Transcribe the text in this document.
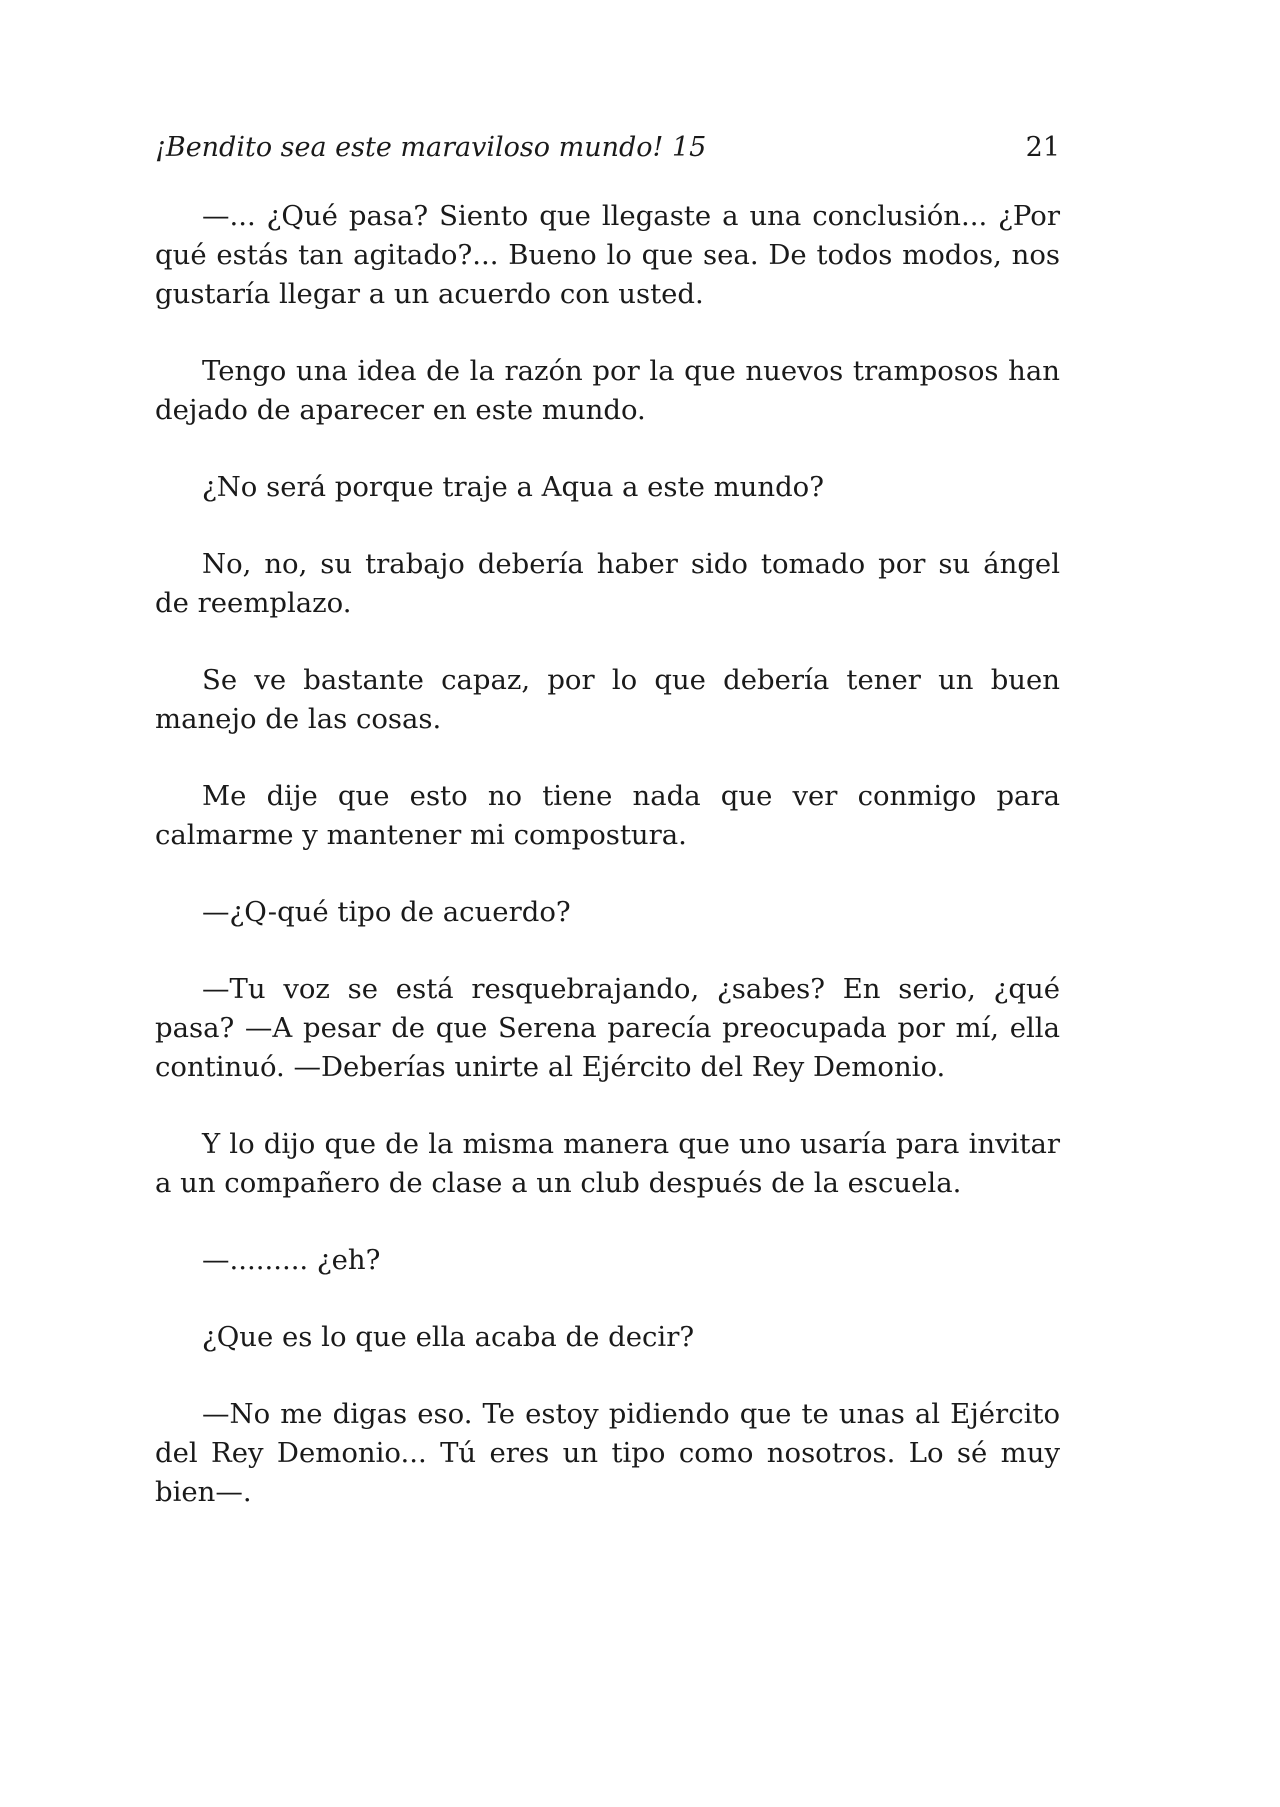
¡Bendito sea este maraviloso mundo! 15	21

—... ¿Qué pasa? Siento que llegaste a una conclusión... ¿Por qué estás tan agitado?... Bueno lo que sea. De todos modos, nos gustaría llegar a un acuerdo con usted.

Tengo una idea de la razón por la que nuevos tramposos han dejado de aparecer en este mundo.

¿No será porque traje a Aqua a este mundo?

No, no, su trabajo debería haber sido tomado por su ángel de reemplazo.

Se ve bastante capaz, por lo que debería tener un buen manejo de las cosas.

Me dije que esto no tiene nada que ver conmigo para calmarme y mantener mi compostura.

—¿Q-qué tipo de acuerdo?

—Tu voz se está resquebrajando, ¿sabes? En serio, ¿qué pasa? —A pesar de que Serena parecía preocupada por mí, ella continuó. —Deberías unirte al Ejército del Rey Demonio.

Y lo dijo que de la misma manera que uno usaría para invitar a un compañero de clase a un club después de la escuela.

—......... ¿eh?

¿Que es lo que ella acaba de decir?

—No me digas eso. Te estoy pidiendo que te unas al Ejército del Rey Demonio... Tú eres un tipo como nosotros. Lo sé muy bien—.
